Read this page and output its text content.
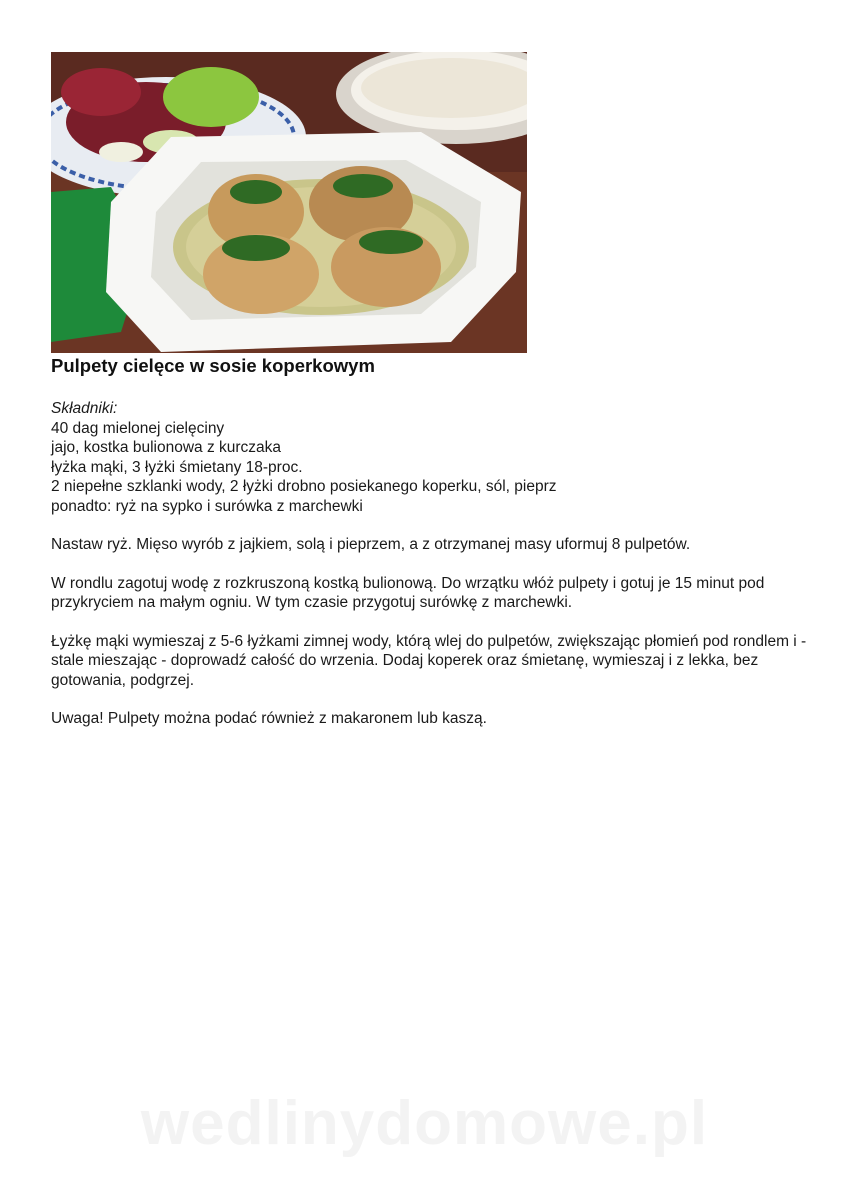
Pulpety cielęce w sosie koperkowym
Składniki:
40 dag mielonej cielęciny
jajo, kostka bulionowa z kurczaka
łyżka mąki, 3 łyżki śmietany 18-proc.
2 niepełne szklanki wody, 2 łyżki drobno posiekanego koperku, sól, pieprz
ponadto: ryż na sypko i surówka z marchewki

Nastaw ryż. Mięso wyrób z jajkiem, solą i pieprzem, a z otrzymanej masy uformuj 8 pulpetów.

W rondlu zagotuj wodę z rozkruszoną kostką bulionową. Do wrzątku włóż pulpety i gotuj je 15 minut pod przykryciem na małym ogniu. W tym czasie przygotuj surówkę z marchewki.

Łyżkę mąki wymieszaj z 5-6 łyżkami zimnej wody, którą wlej do pulpetów, zwiększając płomień pod rondlem i - stale mieszając - doprowadź całość do wrzenia. Dodaj koperek oraz śmietanę, wymieszaj i z lekka, bez gotowania, podgrzej.

Uwaga! Pulpety można podać również z makaronem lub kaszą.

wedlinydomowe.pl
